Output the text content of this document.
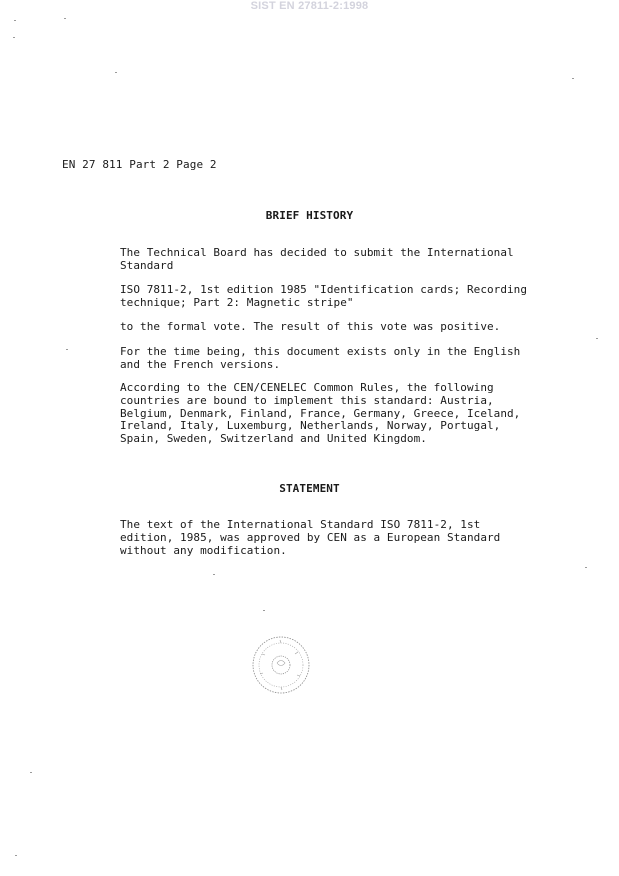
SIST EN 27811-2:1998
EN 27 811 Part 2 Page 2
BRIEF HISTORY
The Technical Board has decided to submit the International
Standard
ISO 7811-2, 1st edition 1985 "Identification cards; Recording
technique; Part 2: Magnetic stripe"
to the formal vote. The result of this vote was positive.
For the time being, this document exists only in the English
and the French versions.
According to the CEN/CENELEC Common Rules, the following
countries are bound to implement this standard: Austria,
Belgium, Denmark, Finland, France, Germany, Greece, Iceland,
Ireland, Italy, Luxemburg, Netherlands, Norway, Portugal,
Spain, Sweden, Switzerland and United Kingdom.
STATEMENT
The text of the International Standard ISO 7811-2, 1st
edition, 1985, was approved by CEN as a European Standard
without any modification.
